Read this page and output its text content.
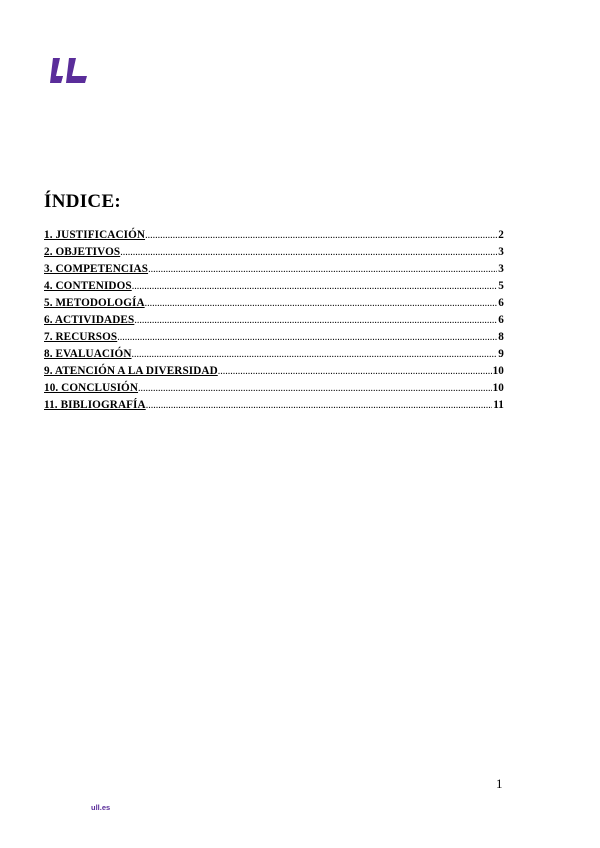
ÍNDICE:
1. JUSTIFICACIÓN .....	2
2. OBJETIVOS .....	3
3. COMPETENCIAS .....	3
4. CONTENIDOS .....	5
5. METODOLOGÍA .....	6
6. ACTIVIDADES .....	6
7. RECURSOS .....	8
8. EVALUACIÓN .....	9
9. ATENCIÓN A LA DIVERSIDAD .....	10
10. CONCLUSIÓN .....	10
11. BIBLIOGRAFÍA .....	11
1
ull.es
